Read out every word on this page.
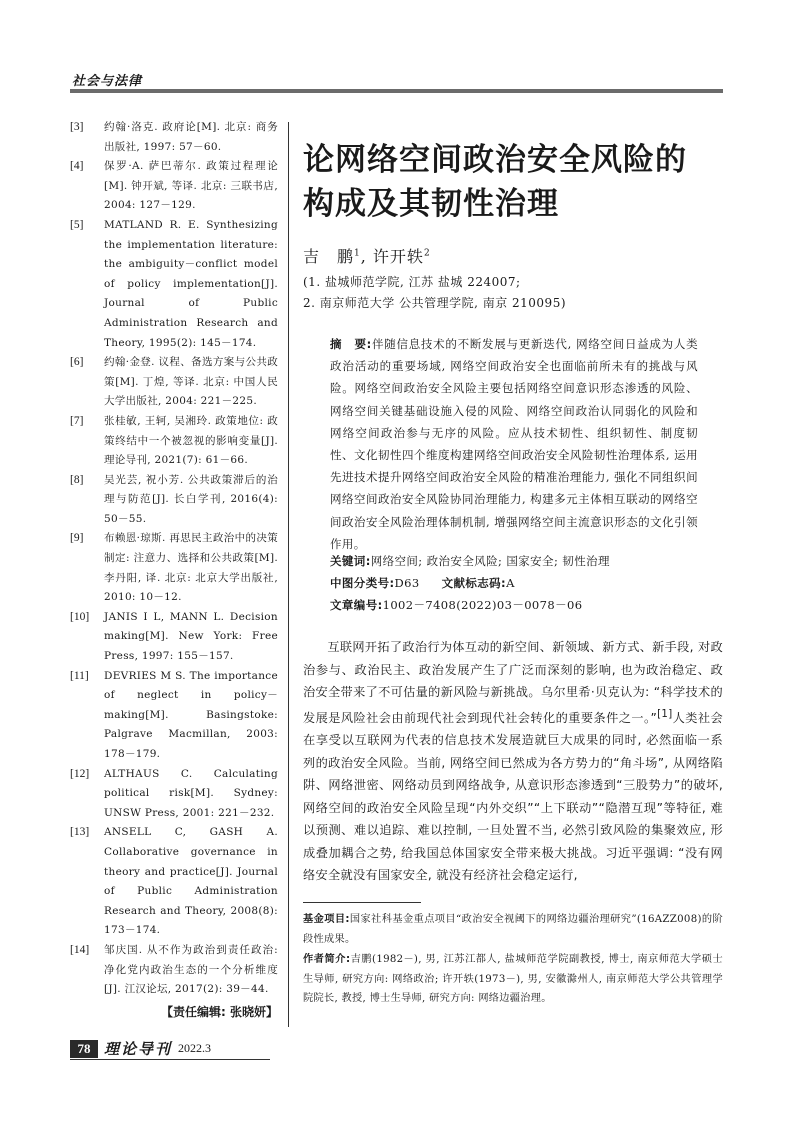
社会与法律
[3]	约翰·洛克. 政府论[M]. 北京: 商务出版社, 1997: 57－60.
[4]	保罗·A. 萨巴蒂尔. 政策过程理论[M]. 钟开斌, 等译. 北京: 三联书店, 2004: 127－129.
[5]	MATLAND R. E. Synthesizing the implementation literature: the ambiguity－conflict model of policy implementation[J]. Journal of Public Administration Research and Theory, 1995(2): 145－174.
[6]	约翰·金登. 议程、备选方案与公共政策[M]. 丁煌, 等译. 北京: 中国人民大学出版社, 2004: 221－225.
[7]	张桂敏, 王轲, 吴湘玲. 政策地位: 政策终结中一个被忽视的影响变量[J]. 理论导刊, 2021(7): 61－66.
[8]	吴光芸, 祝小芳. 公共政策滞后的治理与防范[J]. 长白学刊, 2016(4): 50－55.
[9]	布赖恩·琼斯. 再思民主政治中的决策制定: 注意力、选择和公共政策[M]. 李丹阳, 译. 北京: 北京大学出版社, 2010: 10－12.
[10]	JANIS I L, MANN L. Decision making[M]. New York: Free Press, 1997: 155－157.
[11]	DEVRIES M S. The importance of neglect in policy－making[M]. Basingstoke: Palgrave Macmillan, 2003: 178－179.
[12]	ALTHAUS C. Calculating political risk[M]. Sydney: UNSW Press, 2001: 221－232.
[13]	ANSELL C, GASH A. Collaborative governance in theory and practice[J]. Journal of Public Administration Research and Theory, 2008(8): 173－174.
[14]	邹庆国. 从不作为政治到责任政治: 净化党内政治生态的一个分析维度[J]. 江汉论坛, 2017(2): 39－44.
【责任编辑: 张晓妍】
论网络空间政治安全风险的
构成及其韧性治理
吉　鹏$^1$, 许开轶$^2$
(1. 盐城师范学院, 江苏 盐城 224007;
2. 南京师范大学 公共管理学院, 南京 210095)
摘　要:伴随信息技术的不断发展与更新迭代, 网络空间日益成为人类政治活动的重要场域, 网络空间政治安全也面临前所未有的挑战与风险。网络空间政治安全风险主要包括网络空间意识形态渗透的风险、网络空间关键基础设施入侵的风险、网络空间政治认同弱化的风险和网络空间政治参与无序的风险。应从技术韧性、组织韧性、制度韧性、文化韧性四个维度构建网络空间政治安全风险韧性治理体系, 运用先进技术提升网络空间政治安全风险的精准治理能力, 强化不同组织间网络空间政治安全风险协同治理能力, 构建多元主体相互联动的网络空间政治安全风险治理体制机制, 增强网络空间主流意识形态的文化引领作用。
关键词:网络空间; 政治安全风险; 国家安全; 韧性治理
中图分类号:D63 文献标志码:A
文章编号:1002－7408(2022)03－0078－06
互联网开拓了政治行为体互动的新空间、新领域、新方式、新手段, 对政治参与、政治民主、政治发展产生了广泛而深刻的影响, 也为政治稳定、政治安全带来了不可估量的新风险与新挑战。乌尔里希·贝克认为: “科学技术的发展是风险社会由前现代社会到现代社会转化的重要条件之一。”[1]人类社会在享受以互联网为代表的信息技术发展造就巨大成果的同时, 必然面临一系列的政治安全风险。当前, 网络空间已然成为各方势力的“角斗场”, 从网络陷阱、网络泄密、网络动员到网络战争, 从意识形态渗透到“三股势力”的破坏, 网络空间的政治安全风险呈现“内外交织”“上下联动”“隐潜互现”等特征, 难以预测、难以追踪、难以控制, 一旦处置不当, 必然引致风险的集聚效应, 形成叠加耦合之势, 给我国总体国家安全带来极大挑战。习近平强调: “没有网络安全就没有国家安全, 就没有经济社会稳定运行,
基金项目:国家社科基金重点项目“政治安全视阈下的网络边疆治理研究”(16AZZ008)的阶段性成果。
作者简介:吉鹏(1982－), 男, 江苏江都人, 盐城师范学院副教授, 博士, 南京师范大学硕士生导师, 研究方向: 网络政治; 许开轶(1973－), 男, 安徽滁州人, 南京师范大学公共管理学院院长, 教授, 博士生导师, 研究方向: 网络边疆治理。
78 理论导刊 2022.3
